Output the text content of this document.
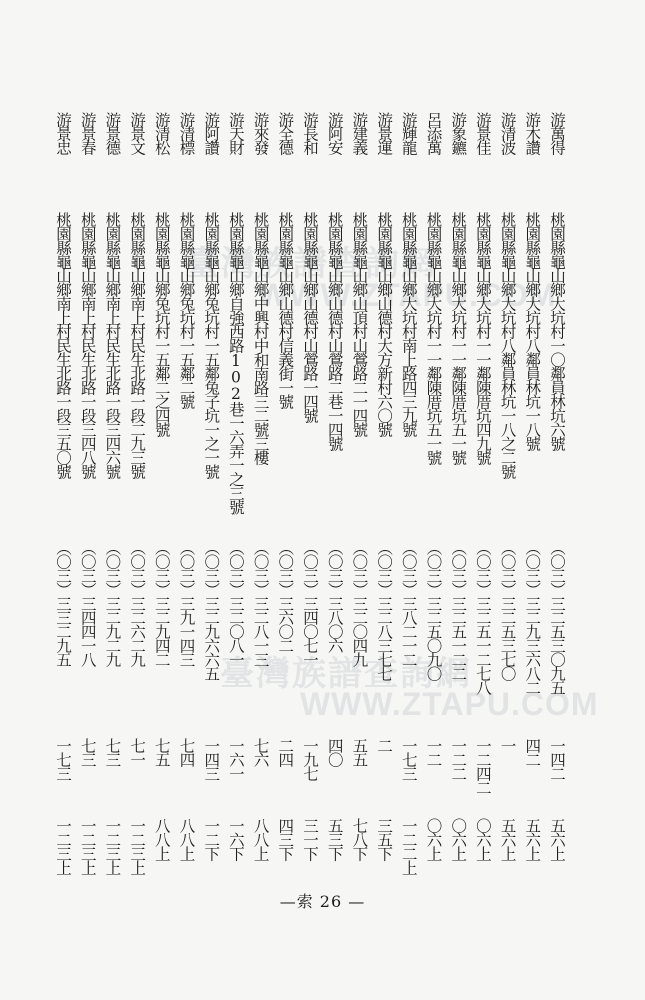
臺灣族譜查詢網
WWW.ZTAPU.COM
臺灣族譜查詢網
WWW.ZTAPU.COM
—索 26 —
游萬得
桃園縣龜山鄉大坑村一〇鄰員林坑六號
（〇三）三二五三〇九五
一四二
五六上
游木讚
桃園縣龜山鄉大坑村八鄰員林坑一八號
（〇三）三二九三六八二
四二
五六上
游清波
桃園縣龜山鄉大坑村八鄰員林坑一八之二號
（〇三）三二五三七〇
一
五六上
游景佳
桃園縣龜山鄉大坑村一一鄰陳厝坑四九號
（〇三）三二五一二七八
一二四二
〇六上
游象鑣
桃園縣龜山鄉大坑村一一鄰陳厝坑五一號
（〇三）三二五一二二
一二二
〇六上
呂添萬
桃園縣龜山鄉大坑村一一鄰陳厝坑五一號
（〇三）三二五〇九〇
一二
〇六上
游輝龍
桃園縣龜山鄉大坑村南上路四三九號
（〇三）三八二一二
一七三
一二二上
游景運
桃園縣龜山鄉山德村大方新村六〇號
（〇三）三二八三七七
二
三五下
游建義
桃園縣龜山鄉山頂村山鶯路二一四號
（〇三）三二〇四九
五五
七八下
游阿安
桃園縣龜山鄉山德村山鶯路二巷一四號
（〇三）三八〇六
四〇
五三下
游長和
桃園縣龜山鄉山德村山鶯路一四號
（〇三）三四〇七一
一九七
三一下
游全德
桃園縣龜山鄉山德村信義街一號
（〇三）三六〇二
二四
四三下
游來發
桃園縣龜山鄉中興村中和南路三二號三樓
（〇三）三二八一三
七六
八八上
游天財
桃園縣龜山鄉自強西路102巷一六弄一之三號
（〇三）三二〇八一
一六一
一六下
游阿讚
桃園縣龜山鄉兔坑村一五鄰兔子坑一之一號
（〇三）三二九六六五
一四三
一二下
游清標
桃園縣龜山鄉兔坑村一五鄰二號
（〇三）三九一四三
七四
八八上
游清松
桃園縣龜山鄉兔坑村一五鄰二之四號
（〇三）三二九四二
七五
八八上
游景文
桃園縣龜山鄉南上村民生北路一段二九三號
（〇三）三二六二九
七一
一二三上
游景德
桃園縣龜山鄉南上村民生北路一段三四六號
（〇三）三二九二九
七三
一二三上
游景春
桃園縣龜山鄉南上村民生北路一段三四八號
（〇三）三四四一八
七三
一二三上
游景忠
桃園縣龜山鄉南上村民生北路一段三五〇號
（〇三）三三二九五
一七三
一二三上
